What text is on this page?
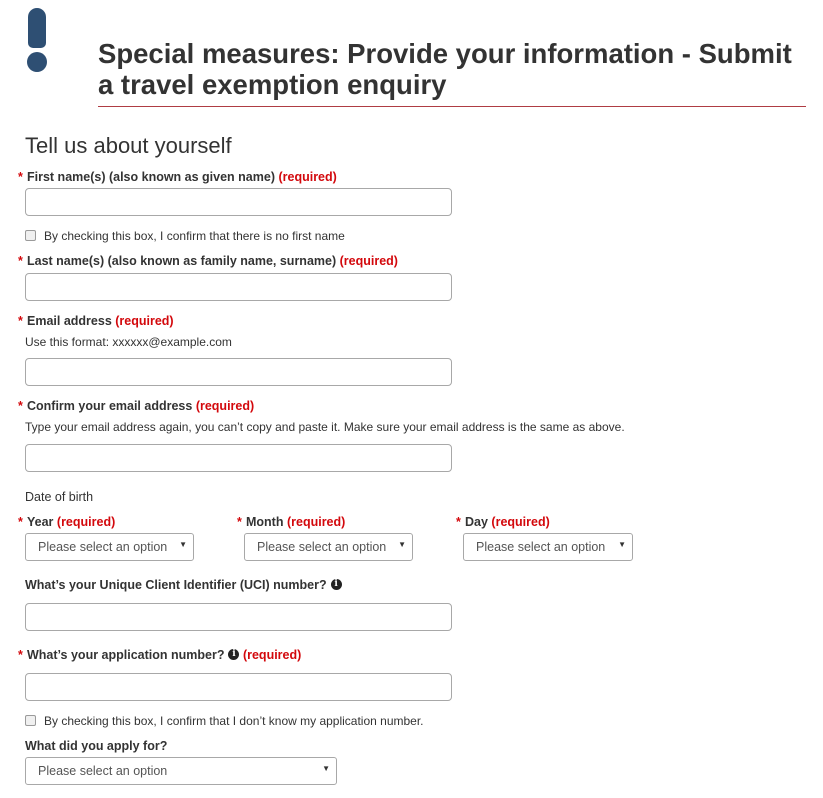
Special measures: Provide your information - Submit a travel exemption enquiry
Tell us about yourself
* First name(s) (also known as given name) (required)
By checking this box, I confirm that there is no first name
* Last name(s) (also known as family name, surname) (required)
* Email address (required)
Use this format: xxxxxx@example.com
* Confirm your email address (required)
Type your email address again, you can’t copy and paste it. Make sure your email address is the same as above.
Date of birth
* Year (required)
Please select an option ▼
* Month (required)
Please select an option ▼
* Day (required)
Please select an option ▼
What’s your Unique Client Identifier (UCI) number? i
* What’s your application number? i (required)
By checking this box, I confirm that I don’t know my application number.
What did you apply for?
Please select an option	▼
